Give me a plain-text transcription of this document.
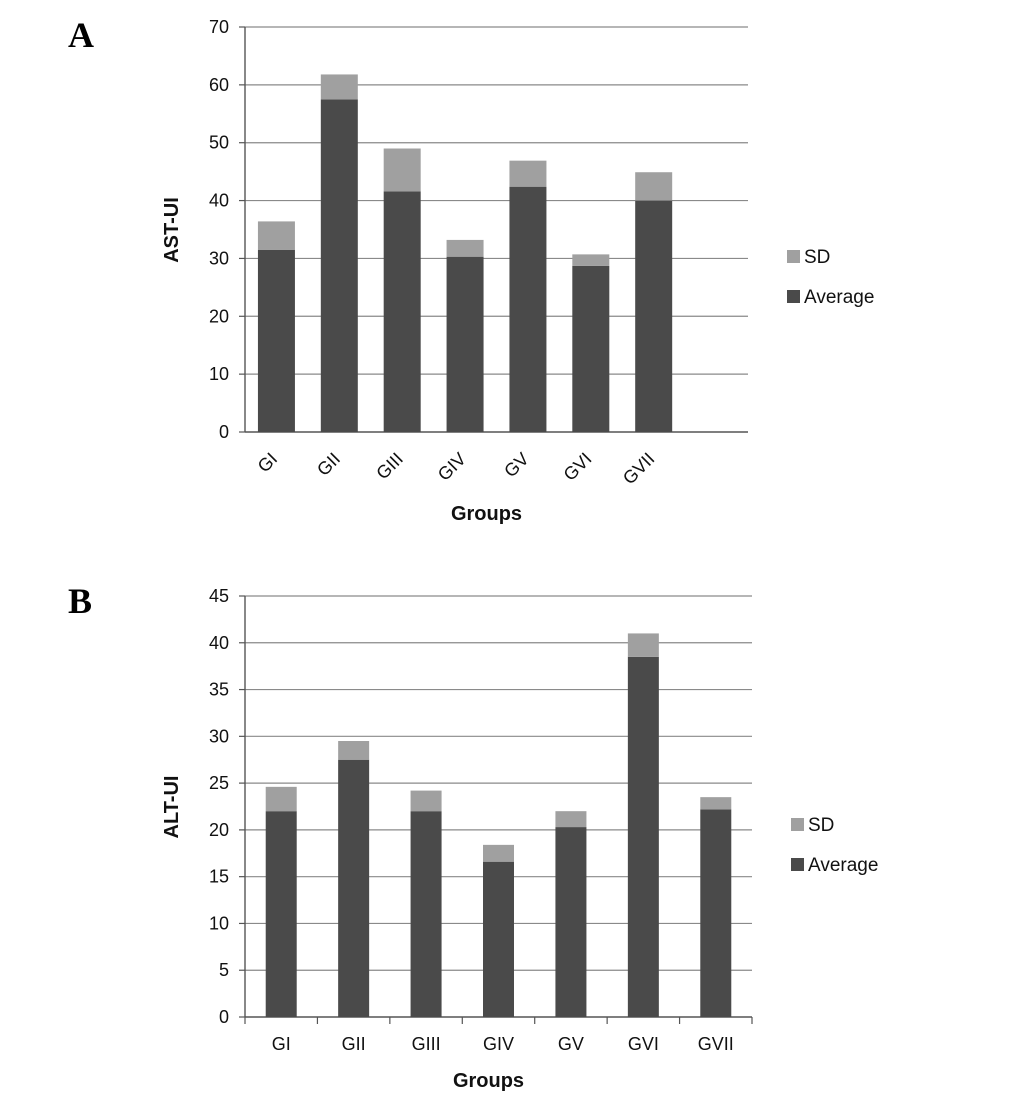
A
B
0
10
20
30
40
50
60
70
GI GII GIII GIV GV GVI GVII
Groups
AST-UI	SD
Average
0
5
10
15
20
25
30
35
40
45
GI	GII	GIII GIV GV GVI GVII
Groups
ALT-UI	SD
Average
